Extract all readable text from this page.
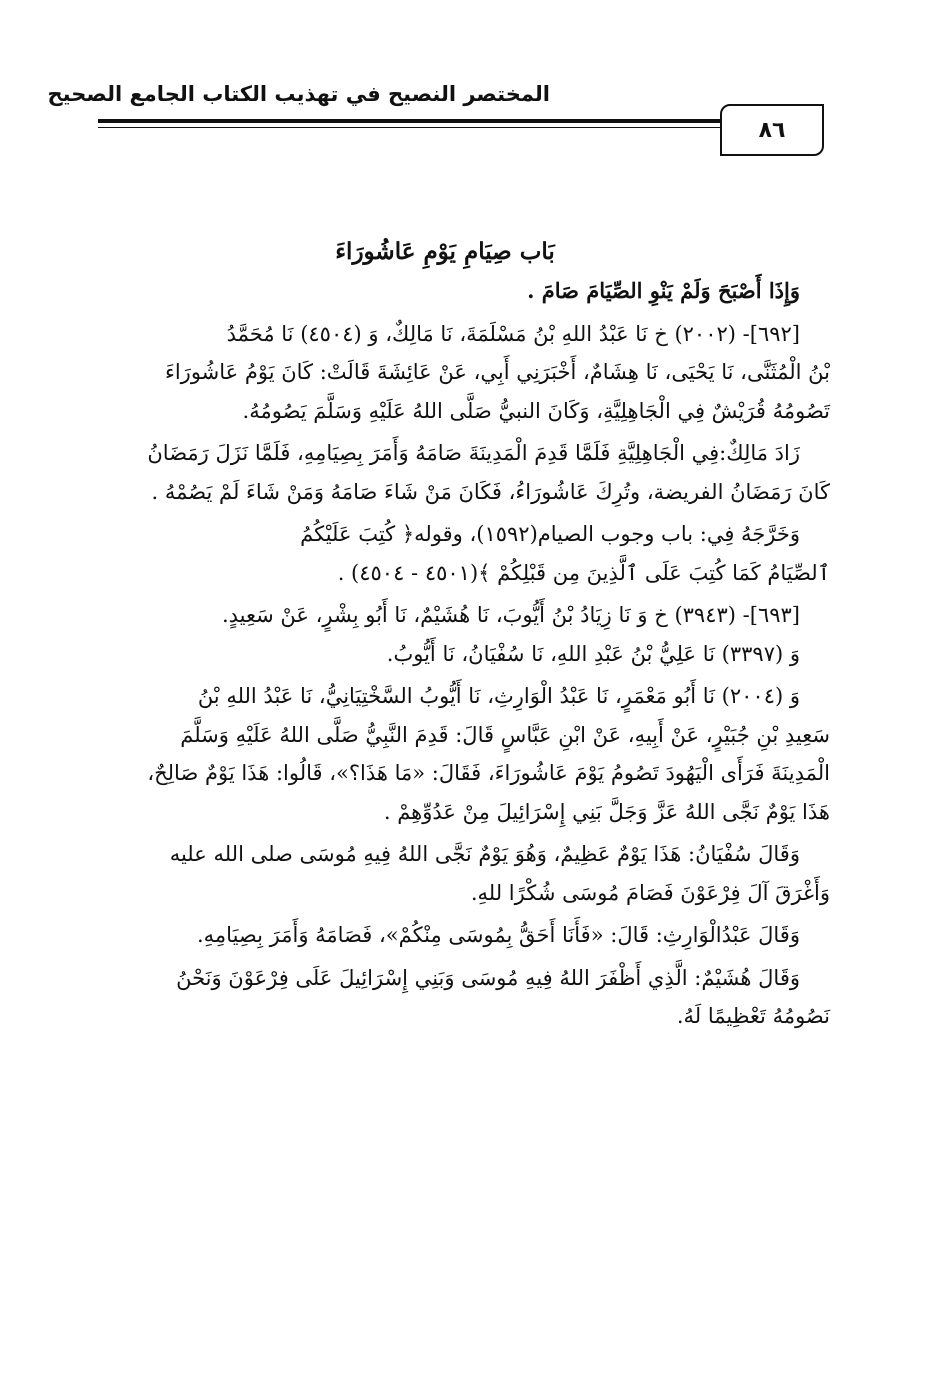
المختصر النصيح في تهذيب الكتاب الجامع الصحيح
٨٦

بَاب صِيَامِ يَوْمِ عَاشُورَاءَ

وَإِذَا أَصْبَحَ وَلَمْ يَنْوِ الصِّيَامَ صَامَ .

[٦٩٢]- (٢٠٠٢) خ نَا عَبْدُ اللهِ بْنُ مَسْلَمَةَ، نَا مَالِكٌ، وَ (٤٥٠٤) نَا مُحَمَّدُ

بْنُ الْمُثَنَّى، نَا يَحْيَى، نَا هِشَامٌ، أَخْبَرَنِي أَبِي، عَنْ عَائِشَةَ قَالَتْ: كَانَ يَوْمُ عَاشُورَاءَ

تَصُومُهُ قُرَيْشٌ فِي الْجَاهِلِيَّةِ، وَكَانَ النبيُّ صَلَّى اللهُ عَلَيْهِ وَسَلَّمَ يَصُومُهُ.

زَادَ مَالِكٌ:فِي الْجَاهِلِيَّةِ فَلَمَّا قَدِمَ الْمَدِينَةَ صَامَهُ وَأَمَرَ بِصِيَامِهِ، فَلَمَّا نَزَلَ رَمَضَانُ

كَانَ رَمَضَانُ الفريضة، وتُرِكَ عَاشُورَاءُ، فَكَانَ مَنْ شَاءَ صَامَهُ وَمَنْ شَاءَ لَمْ يَصُمْهُ .

وَخَرَّجَهُ فِي: باب وجوب الصيام(١٥٩٢)، وقوله﴿ كُتِبَ عَلَيْكُمُ

ٱلصِّيَامُ كَمَا كُتِبَ عَلَى ٱلَّذِينَ مِن قَبْلِكُمْ ﴾(٤٥٠١ - ٤٥٠٤) .

[٦٩٣]- (٣٩٤٣) خ وَ نَا زِيَادُ بْنُ أَيُّوبَ، نَا هُشَيْمٌ، نَا أَبُو بِشْرٍ، عَنْ سَعِيدٍ.

وَ (٣٣٩٧) نَا عَلِيُّ بْنُ عَبْدِ اللهِ، نَا سُفْيَانُ، نَا أَيُّوبُ.

وَ (٢٠٠٤) نَا أَبُو مَعْمَرٍ، نَا عَبْدُ الْوَارِثِ، نَا أَيُّوبُ السَّخْتِيَانِيُّ، نَا عَبْدُ اللهِ بْنُ

سَعِيدِ بْنِ جُبَيْرٍ، عَنْ أَبِيهِ، عَنْ ابْنِ عَبَّاسٍ قَالَ: قَدِمَ النَّبِيُّ صَلَّى اللهُ عَلَيْهِ وَسَلَّمَ

الْمَدِينَةَ فَرَأَى الْيَهُودَ تَصُومُ يَوْمَ عَاشُورَاءَ، فَقَالَ: «مَا هَذَا؟»، قَالُوا: هَذَا يَوْمٌ صَالِحٌ،

هَذَا يَوْمٌ نَجَّى اللهُ عَزَّ وَجَلَّ بَنِي إِسْرَائِيلَ مِنْ عَدُوِّهِمْ .

وَقَالَ سُفْيَانُ: هَذَا يَوْمٌ عَظِيمٌ، وَهُوَ يَوْمٌ نَجَّى اللهُ فِيهِ مُوسَى صلى الله عليه

وَأَغْرَقَ آلَ فِرْعَوْنَ فَصَامَ مُوسَى شُكْرًا للهِ.

وَقَالَ عَبْدُالْوَارِثِ: قَالَ: «فَأَنَا أَحَقُّ بِمُوسَى مِنْكُمْ»، فَصَامَهُ وَأَمَرَ بِصِيَامِهِ.

وَقَالَ هُشَيْمٌ: الَّذِي أَظْفَرَ اللهُ فِيهِ مُوسَى وَبَنِي إِسْرَائِيلَ عَلَى فِرْعَوْنَ وَنَحْنُ

نَصُومُهُ تَعْظِيمًا لَهُ.
